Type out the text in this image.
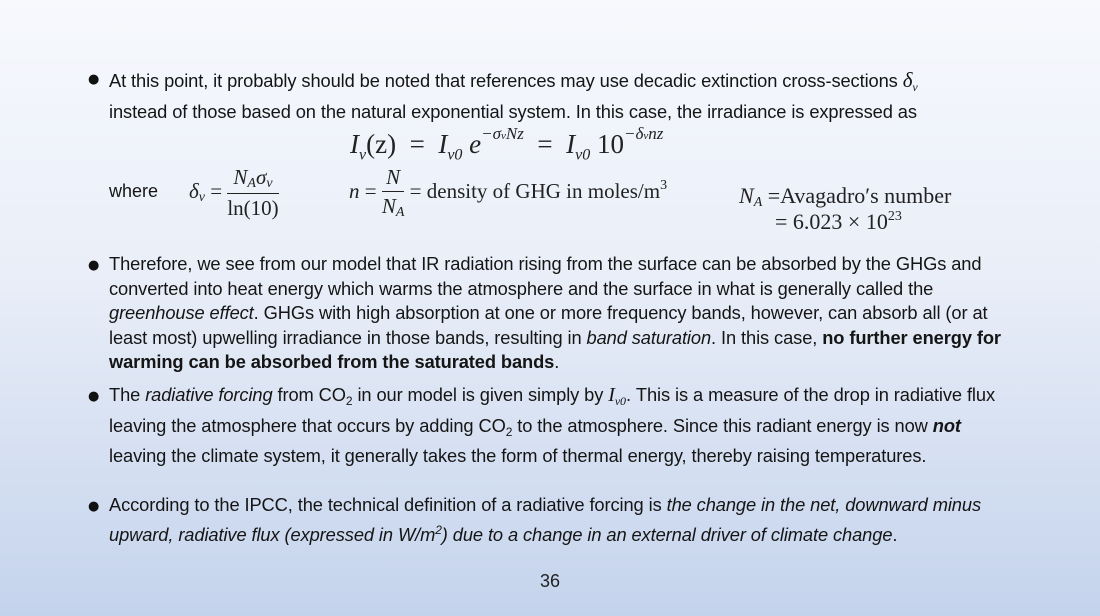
● At this point, it probably should be noted that references may use decadic extinction cross-sections $\delta_\nu$
instead of those based on the natural exponential system. In this case, the irradiance is expressed as
$I_\nu(z) = I_{\nu 0}$ $e^{-\sigma\nu Nz} = I_{\nu 0}$ $10^{-\delta\nu nz}$
where $\delta_\nu = \frac{N_A\sigma_\nu}{\ln(10)}$	$n = \frac{N}{N_A}$ = density of GHG in moles/$m^3$	$N_A$ =Avagadro′s number
= $6.023 \times 10^{23}$
● Therefore, we see from our model that IR radiation rising from the surface can be absorbed by the GHGs and converted into heat energy which warms the atmosphere and the surface in what is generally called the greenhouse effect. GHGs with high absorption at one or more frequency bands, however, can absorb all (or at least most) upwelling irradiance in those bands, resulting in band saturation. In this case, no further energy for warming can be absorbed from the saturated bands.
● The radiative forcing from $CO_2$ in our model is given simply by $I_{\nu 0}$. This is a measure of the drop in radiative flux leaving the atmosphere that occurs by adding $CO_2$ to the atmosphere. Since this radiant energy is now not leaving the climate system, it generally takes the form of thermal energy, thereby raising temperatures.
● According to the IPCC, the technical definition of a radiative forcing is the change in the net, downward minus upward, radiative flux (expressed in $W/m^2$) due to a change in an external driver of climate change.
36
